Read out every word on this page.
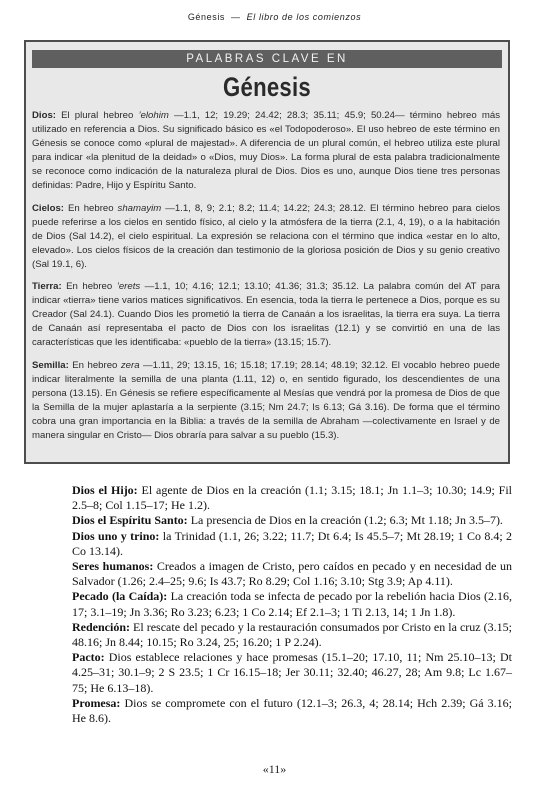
Génesis — El libro de los comienzos
PALABRAS CLAVE EN
Génesis

Dios: El plural hebreo ’elohim —1.1, 12; 19.29; 24.42; 28.3; 35.11; 45.9; 50.24— término hebreo más utilizado en referencia a Dios. Su significado básico es «el Todopoderoso». El uso hebreo de este término en Génesis se conoce como «plural de majestad». A diferencia de un plural común, el hebreo utiliza este plural para indicar «la plenitud de la deidad» o «Dios, muy Dios». La forma plural de esta palabra tradicionalmente se reconoce como indicación de la naturaleza plural de Dios. Dios es uno, aunque Dios tiene tres personas definidas: Padre, Hijo y Espíritu Santo.

Cielos: En hebreo shamayim —1.1, 8, 9; 2.1; 8.2; 11.4; 14.22; 24.3; 28.12. El término hebreo para cielos puede referirse a los cielos en sentido físico, al cielo y la atmósfera de la tierra (2.1, 4, 19), o a la habitación de Dios (Sal 14.2), el cielo espiritual. La expresión se relaciona con el término que indica «estar en lo alto, elevado». Los cielos físicos de la creación dan testimonio de la gloriosa posición de Dios y su genio creativo (Sal 19.1, 6).

Tierra: En hebreo ’erets —1.1, 10; 4.16; 12.1; 13.10; 41.36; 31.3; 35.12. La palabra común del AT para indicar «tierra» tiene varios matices significativos. En esencia, toda la tierra le pertenece a Dios, porque es su Creador (Sal 24.1). Cuando Dios les prometió la tierra de Canaán a los israelitas, la tierra era suya. La tierra de Canaán así representaba el pacto de Dios con los israelitas (12.1) y se convirtió en una de las características que les identificaba: «pueblo de la tierra» (13.15; 15.7).

Semilla: En hebreo zera —1.11, 29; 13.15, 16; 15.18; 17.19; 28.14; 48.19; 32.12. El vocablo hebreo puede indicar literalmente la semilla de una planta (1.11, 12) o, en sentido figurado, los descendientes de una persona (13.15). En Génesis se refiere específicamente al Mesías que vendrá por la promesa de Dios de que la Semilla de la mujer aplastaría a la serpiente (3.15; Nm 24.7; Is 6.13; Gá 3.16). De forma que el término cobra una gran importancia en la Biblia: a través de la semilla de Abraham —colectivamente en Israel y de manera singular en Cristo— Dios obraría para salvar a su pueblo (15.3).

Dios el Hijo: El agente de Dios en la creación (1.1; 3.15; 18.1; Jn 1.1–3; 10.30; 14.9; Fil 2.5–8; Col 1.15–17; He 1.2).

Dios el Espíritu Santo: La presencia de Dios en la creación (1.2; 6.3; Mt 1.18; Jn 3.5–7).

Dios uno y trino: la Trinidad (1.1, 26; 3.22; 11.7; Dt 6.4; Is 45.5–7; Mt 28.19; 1 Co 8.4; 2 Co 13.14).

Seres humanos: Creados a imagen de Cristo, pero caídos en pecado y en necesidad de un Salvador (1.26; 2.4–25; 9.6; Is 43.7; Ro 8.29; Col 1.16; 3.10; Stg 3.9; Ap 4.11).

Pecado (la Caída): La creación toda se infecta de pecado por la rebelión hacia Dios (2.16, 17; 3.1–19; Jn 3.36; Ro 3.23; 6.23; 1 Co 2.14; Ef 2.1–3; 1 Ti 2.13, 14; 1 Jn 1.8).

Redención: El rescate del pecado y la restauración consumados por Cristo en la cruz (3.15; 48.16; Jn 8.44; 10.15; Ro 3.24, 25; 16.20; 1 P 2.24).

Pacto: Dios establece relaciones y hace promesas (15.1–20; 17.10, 11; Nm 25.10–13; Dt 4.25–31; 30.1–9; 2 S 23.5; 1 Cr 16.15–18; Jer 30.11; 32.40; 46.27, 28; Am 9.8; Lc 1.67–75; He 6.13–18).

Promesa: Dios se compromete con el futuro (12.1–3; 26.3, 4; 28.14; Hch 2.39; Gá 3.16; He 8.6).

«11»
